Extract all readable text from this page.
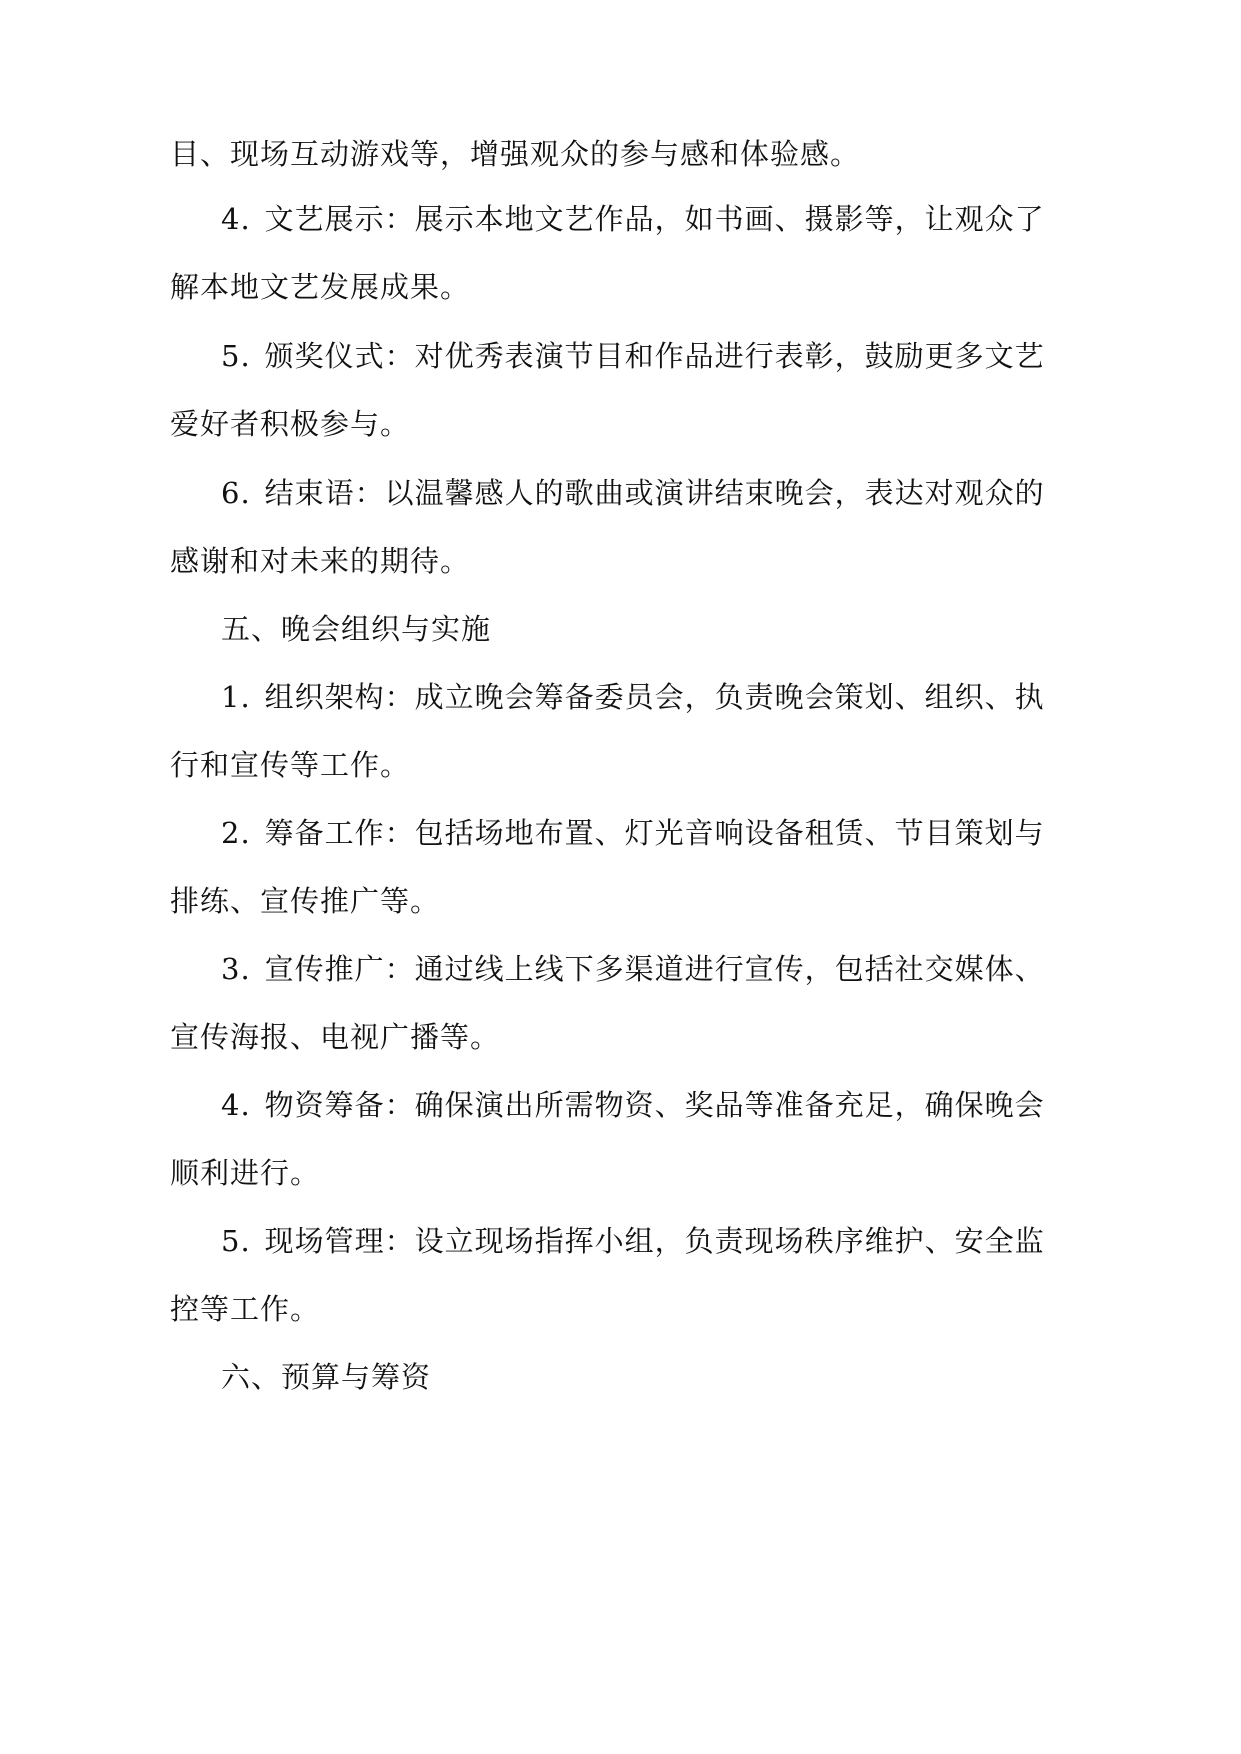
目、现场互动游戏等，增强观众的参与感和体验感。
4. 文艺展示：展示本地文艺作品，如书画、摄影等，让观众了
解本地文艺发展成果。
5. 颁奖仪式：对优秀表演节目和作品进行表彰，鼓励更多文艺
爱好者积极参与。
6. 结束语：以温馨感人的歌曲或演讲结束晚会，表达对观众的
感谢和对未来的期待。
五、晚会组织与实施
1. 组织架构：成立晚会筹备委员会，负责晚会策划、组织、执
行和宣传等工作。
2. 筹备工作：包括场地布置、灯光音响设备租赁、节目策划与
排练、宣传推广等。
3. 宣传推广：通过线上线下多渠道进行宣传，包括社交媒体、
宣传海报、电视广播等。
4. 物资筹备：确保演出所需物资、奖品等准备充足，确保晚会
顺利进行。
5. 现场管理：设立现场指挥小组，负责现场秩序维护、安全监
控等工作。
六、预算与筹资
